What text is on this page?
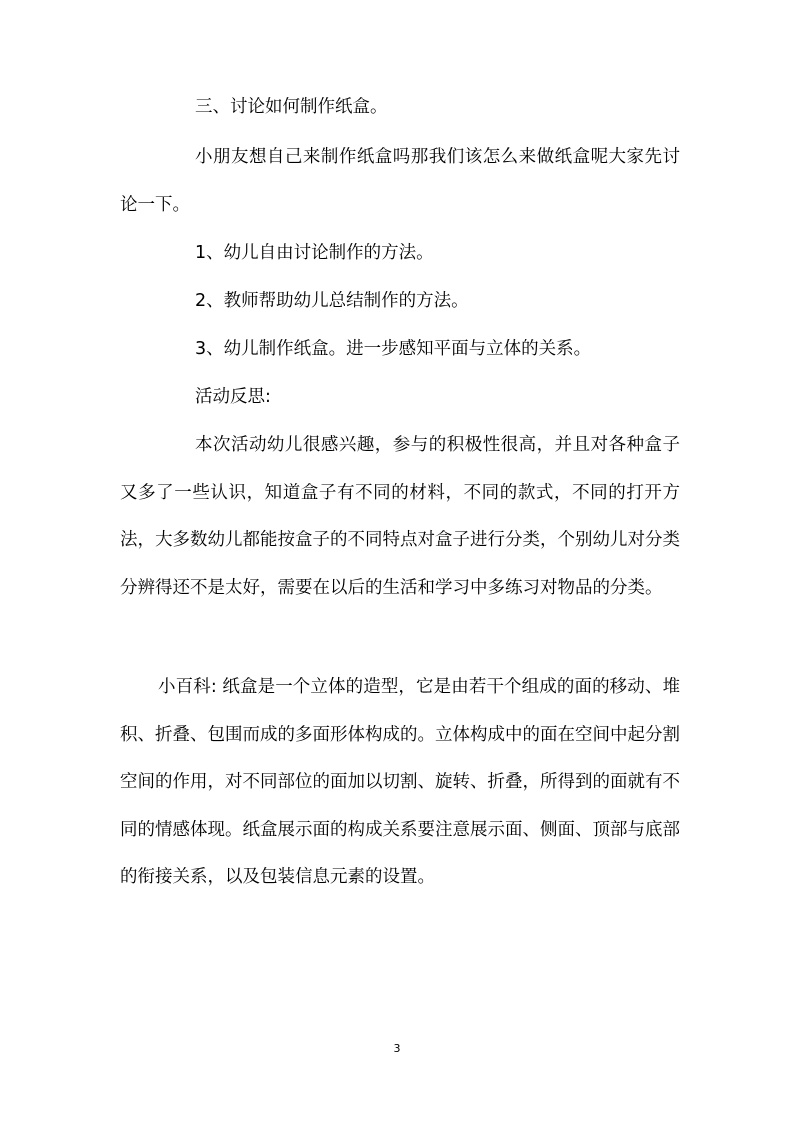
三、讨论如何制作纸盒。

小朋友想自己来制作纸盒吗那我们该怎么来做纸盒呢大家先讨论一下。

1、幼儿自由讨论制作的方法。

2、教师帮助幼儿总结制作的方法。

3、幼儿制作纸盒。进一步感知平面与立体的关系。

活动反思:

本次活动幼儿很感兴趣，参与的积极性很高，并且对各种盒子又多了一些认识，知道盒子有不同的材料，不同的款式，不同的打开方法，大多数幼儿都能按盒子的不同特点对盒子进行分类，个别幼儿对分类分辨得还不是太好，需要在以后的生活和学习中多练习对物品的分类。

小百科: 纸盒是一个立体的造型，它是由若干个组成的面的移动、堆积、折叠、包围而成的多面形体构成的。立体构成中的面在空间中起分割空间的作用，对不同部位的面加以切割、旋转、折叠，所得到的面就有不同的情感体现。纸盒展示面的构成关系要注意展示面、侧面、顶部与底部的衔接关系，以及包装信息元素的设置。

3
